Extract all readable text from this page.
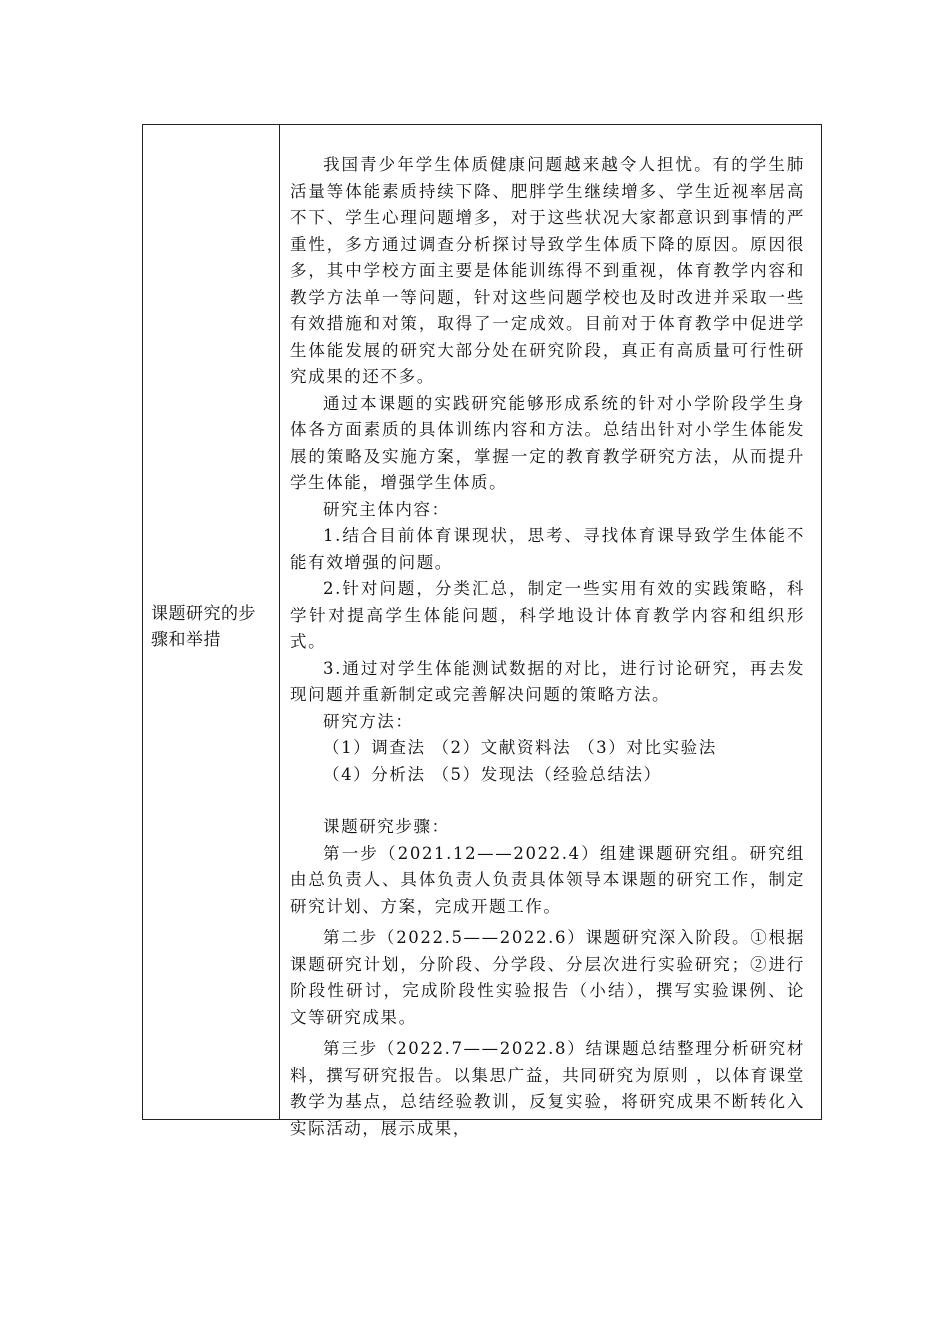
课题研究的步骤和举措

我国青少年学生体质健康问题越来越令人担忧。有的学生肺活量等体能素质持续下降、肥胖学生继续增多、学生近视率居高不下、学生心理问题增多，对于这些状况大家都意识到事情的严重性，多方通过调查分析探讨导致学生体质下降的原因。原因很多，其中学校方面主要是体能训练得不到重视，体育教学内容和教学方法单一等问题，针对这些问题学校也及时改进并采取一些有效措施和对策，取得了一定成效。目前对于体育教学中促进学生体能发展的研究大部分处在研究阶段，真正有高质量可行性研究成果的还不多。

通过本课题的实践研究能够形成系统的针对小学阶段学生身体各方面素质的具体训练内容和方法。总结出针对小学生体能发展的策略及实施方案，掌握一定的教育教学研究方法，从而提升学生体能，增强学生体质。

研究主体内容：

1.结合目前体育课现状，思考、寻找体育课导致学生体能不能有效增强的问题。

2.针对问题，分类汇总，制定一些实用有效的实践策略，科学针对提高学生体能问题，科学地设计体育教学内容和组织形式。

3.通过对学生体能测试数据的对比，进行讨论研究，再去发现问题并重新制定或完善解决问题的策略方法。

研究方法：

（1）调查法 （2）文献资料法 （3）对比实验法

（4）分析法 （5）发现法（经验总结法）

课题研究步骤：

第一步（2021.12——2022.4）组建课题研究组。研究组由总负责人、具体负责人负责具体领导本课题的研究工作，制定研究计划、方案，完成开题工作。

第二步（2022.5——2022.6）课题研究深入阶段。①根据课题研究计划，分阶段、分学段、分层次进行实验研究；②进行阶段性研讨，完成阶段性实验报告（小结），撰写实验课例、论文等研究成果。

第三步（2022.7——2022.8）结课题总结整理分析研究材料，撰写研究报告。以集思广益，共同研究为原则 ，以体育课堂教学为基点，总结经验教训，反复实验，将研究成果不断转化入实际活动，展示成果，
